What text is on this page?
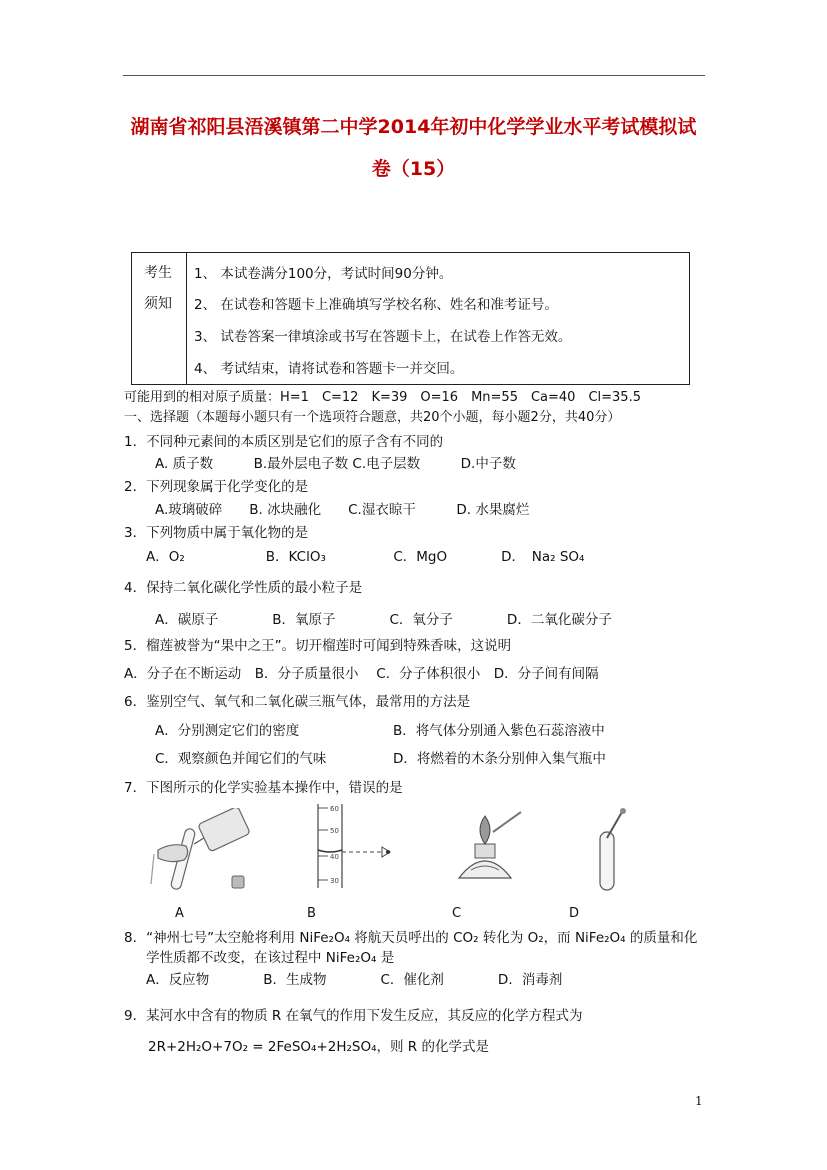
湖南省祁阳县浯溪镇第二中学2014年初中化学学业水平考试模拟试
卷（15）
考生
须知
1、 本试卷满分100分，考试时间90分钟。
2、 在试卷和答题卡上准确填写学校名称、姓名和准考证号。
3、 试卷答案一律填涂或书写在答题卡上，在试卷上作答无效。
4、 考试结束，请将试卷和答题卡一并交回。
可能用到的相对原子质量：H=1　C=12　K=39　O=16　Mn=55　Ca=40　Cl=35.5
一、选择题（本题每小题只有一个选项符合题意，共20个小题，每小题2分，共40分）
1．不同种元素间的本质区别是它们的原子含有不同的
A. 质子数　　　B.最外层电子数 C.电子层数　　　D.中子数
2．下列现象属于化学变化的是
A.玻璃破碎　　B. 冰块融化　　C.湿衣晾干　　　D. 水果腐烂
3．下列物质中属于氧化物的是
A．O₂　　　　　　B．KClO₃　　　　　C．MgO　　　　D．　Na₂ SO₄
4．保持二氧化碳化学性质的最小粒子是
A．碳原子　　　　B．氧原子　　　　C．氧分子　　　　D．二氧化碳分子
5．榴莲被誉为“果中之王”。切开榴莲时可闻到特殊香味，这说明
A．分子在不断运动　B．分子质量很小　 C．分子体积很小　D．分子间有间隔
6．鉴别空气、氧气和二氧化碳三瓶气体，最常用的方法是
A．分别测定它们的密度	B．将气体分别通入紫色石蕊溶液中
C．观察颜色并闻它们的气味	D．将燃着的木条分别伸入集气瓶中
7．下图所示的化学实验基本操作中，错误的是
60
50
40
30
A	B	C	D
8．“神州七号”太空舱将利用 NiFe₂O₄ 将航天员呼出的 CO₂ 转化为 O₂，而 NiFe₂O₄ 的质量和化
学性质都不改变，在该过程中 NiFe₂O₄ 是
A．反应物　　　　B．生成物　　　　C．催化剂　　　　D．消毒剂
9．某河水中含有的物质 R 在氧气的作用下发生反应，其反应的化学方程式为
2R+2H₂O+7O₂ = 2FeSO₄+2H₂SO₄，则 R 的化学式是
1
